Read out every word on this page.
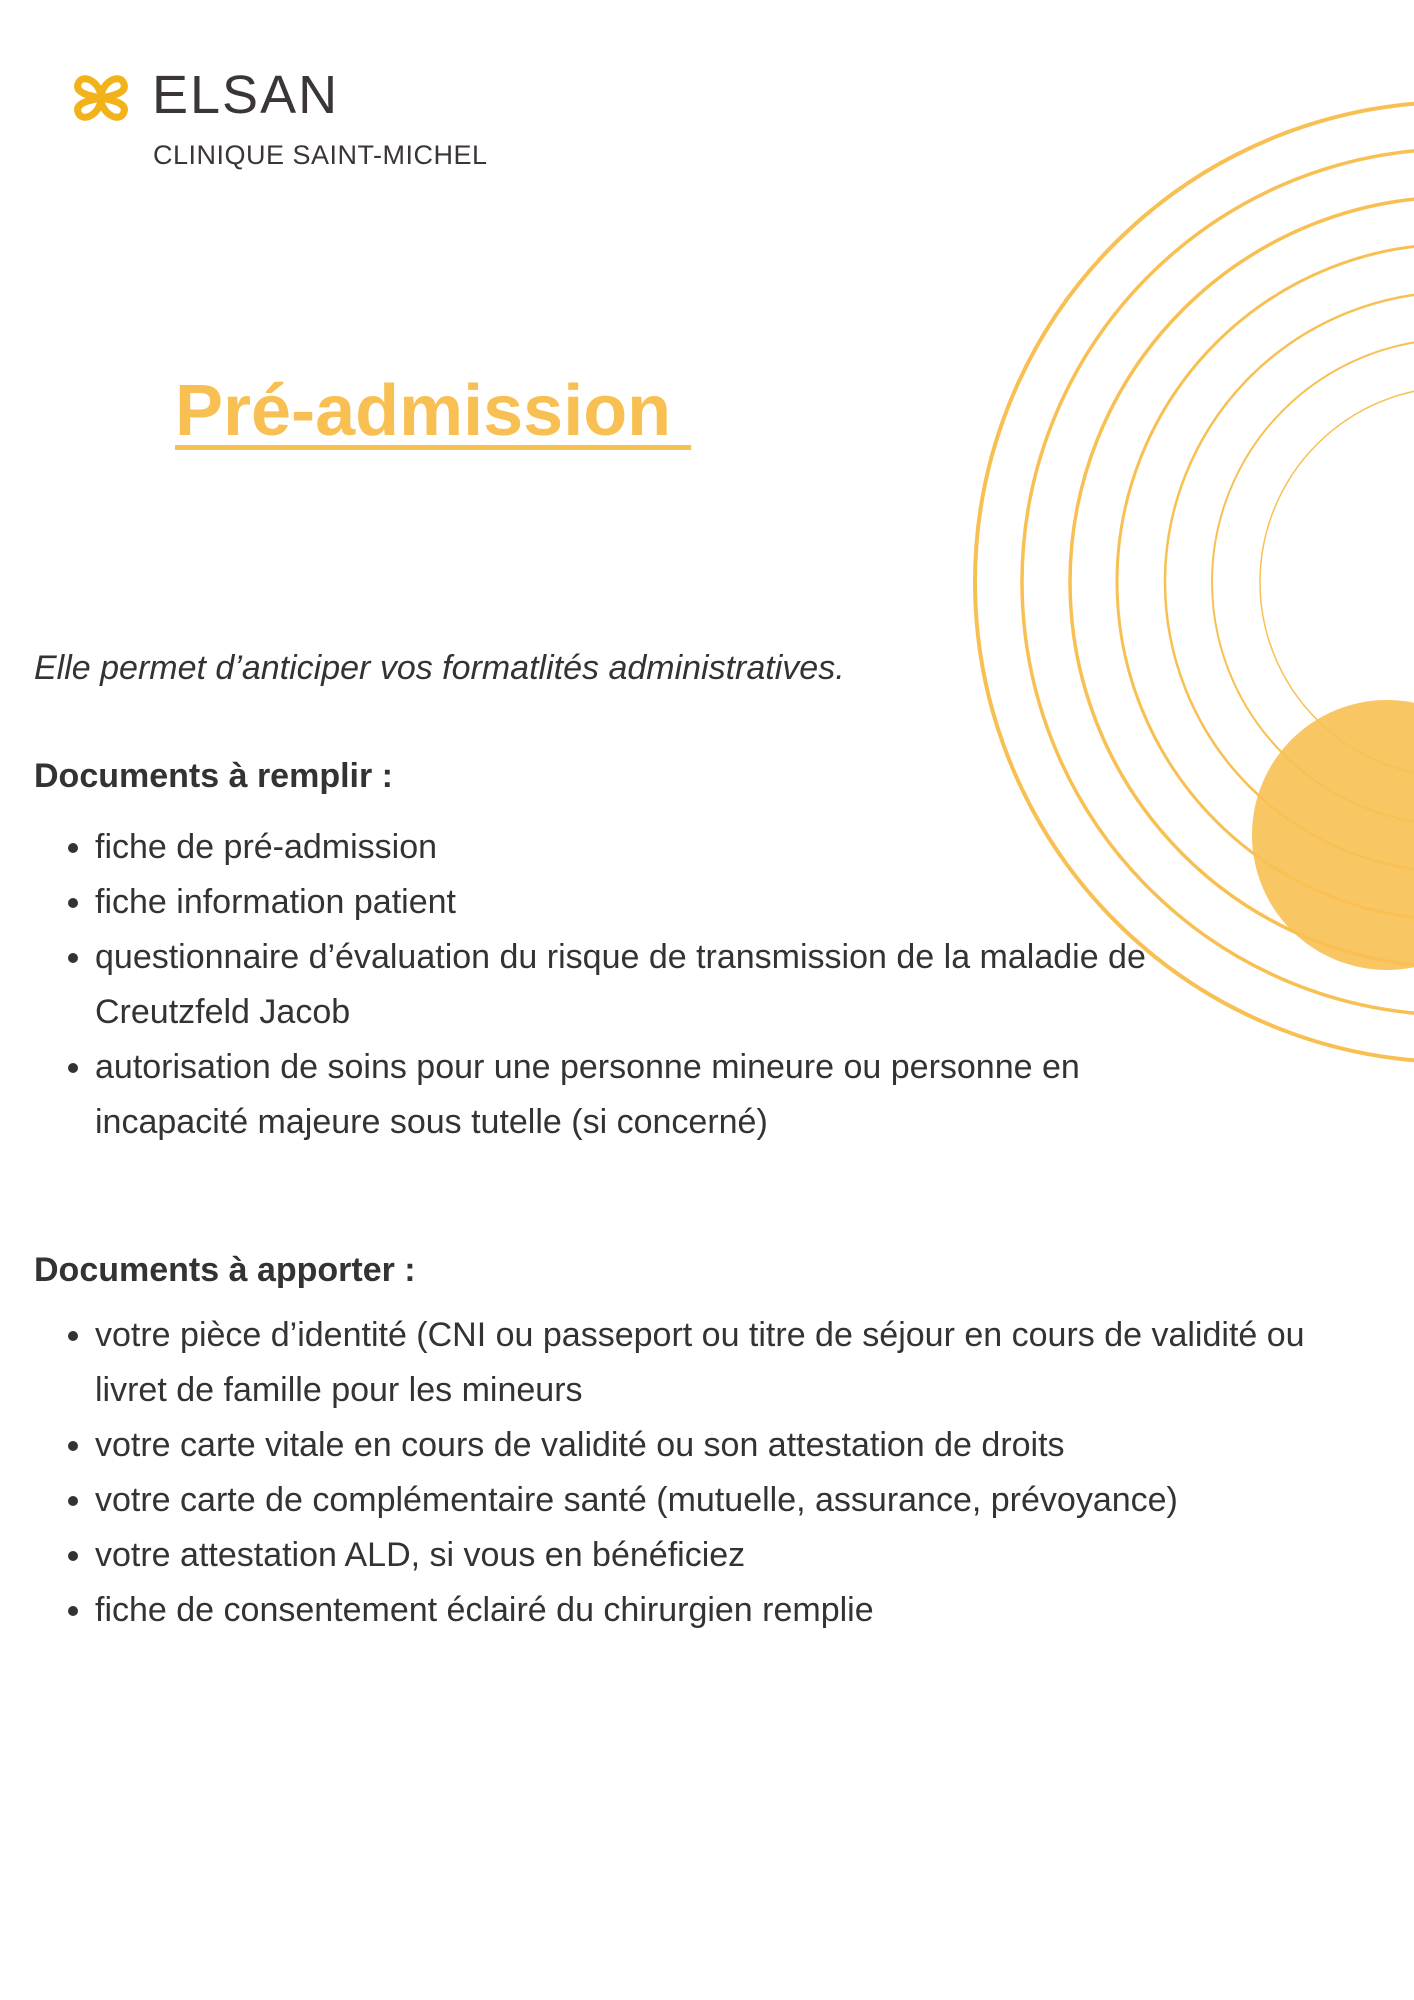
ELSAN
CLINIQUE SAINT-MICHEL
Pré-admission

Elle permet d’anticiper vos formatlités administratives.

Documents à remplir :
fiche de pré-admission
fiche information patient
questionnaire d’évaluation du risque de transmission de la maladie de Creutzfeld Jacob
autorisation de soins pour une personne mineure ou personne en incapacité majeure sous tutelle (si concerné)
Documents à apporter :
votre pièce d’identité (CNI ou passeport ou titre de séjour en cours de validité ou livret de famille pour les mineurs
votre carte vitale en cours de validité ou son attestation de droits
votre carte de complémentaire santé (mutuelle, assurance, prévoyance)
votre attestation ALD, si vous en bénéficiez
fiche de consentement éclairé du chirurgien remplie
